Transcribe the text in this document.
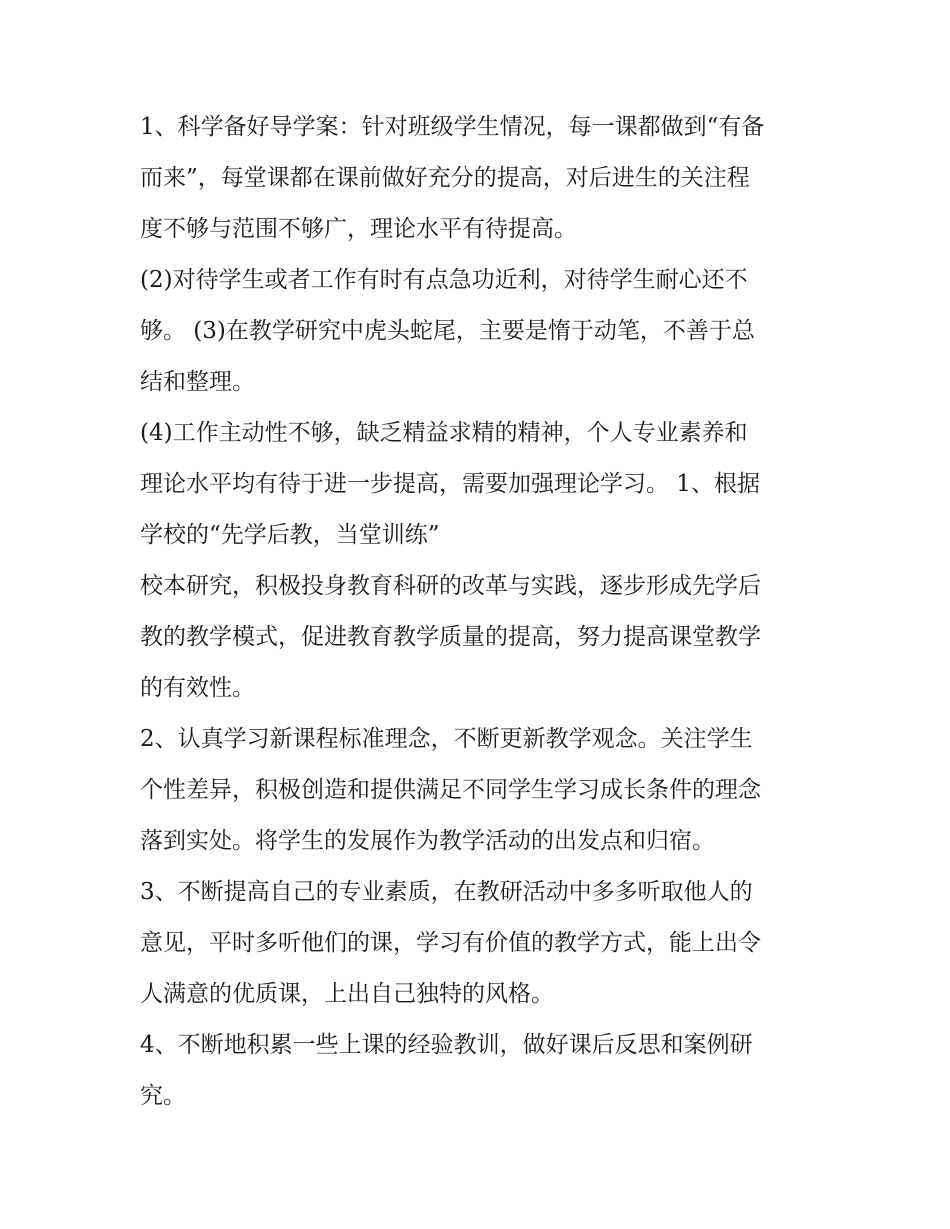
1、科学备好导学案：针对班级学生情况，每一课都做到“有备
而来”，每堂课都在课前做好充分的提高，对后进生的关注程
度不够与范围不够广，理论水平有待提高。

(2)对待学生或者工作有时有点急功近利，对待学生耐心还不
够。 (3)在教学研究中虎头蛇尾，主要是惰于动笔，不善于总
结和整理。

(4)工作主动性不够，缺乏精益求精的精神，个人专业素养和
理论水平均有待于进一步提高，需要加强理论学习。 1、根据
学校的“先学后教，当堂训练”

校本研究，积极投身教育科研的改革与实践，逐步形成先学后
教的教学模式，促进教育教学质量的提高，努力提高课堂教学
的有效性。

2、认真学习新课程标准理念，不断更新教学观念。关注学生
个性差异，积极创造和提供满足不同学生学习成长条件的理念
落到实处。将学生的发展作为教学活动的出发点和归宿。

3、不断提高自己的专业素质，在教研活动中多多听取他人的
意见，平时多听他们的课，学习有价值的教学方式，能上出令
人满意的优质课，上出自己独特的风格。

4、不断地积累一些上课的经验教训，做好课后反思和案例研
究。
